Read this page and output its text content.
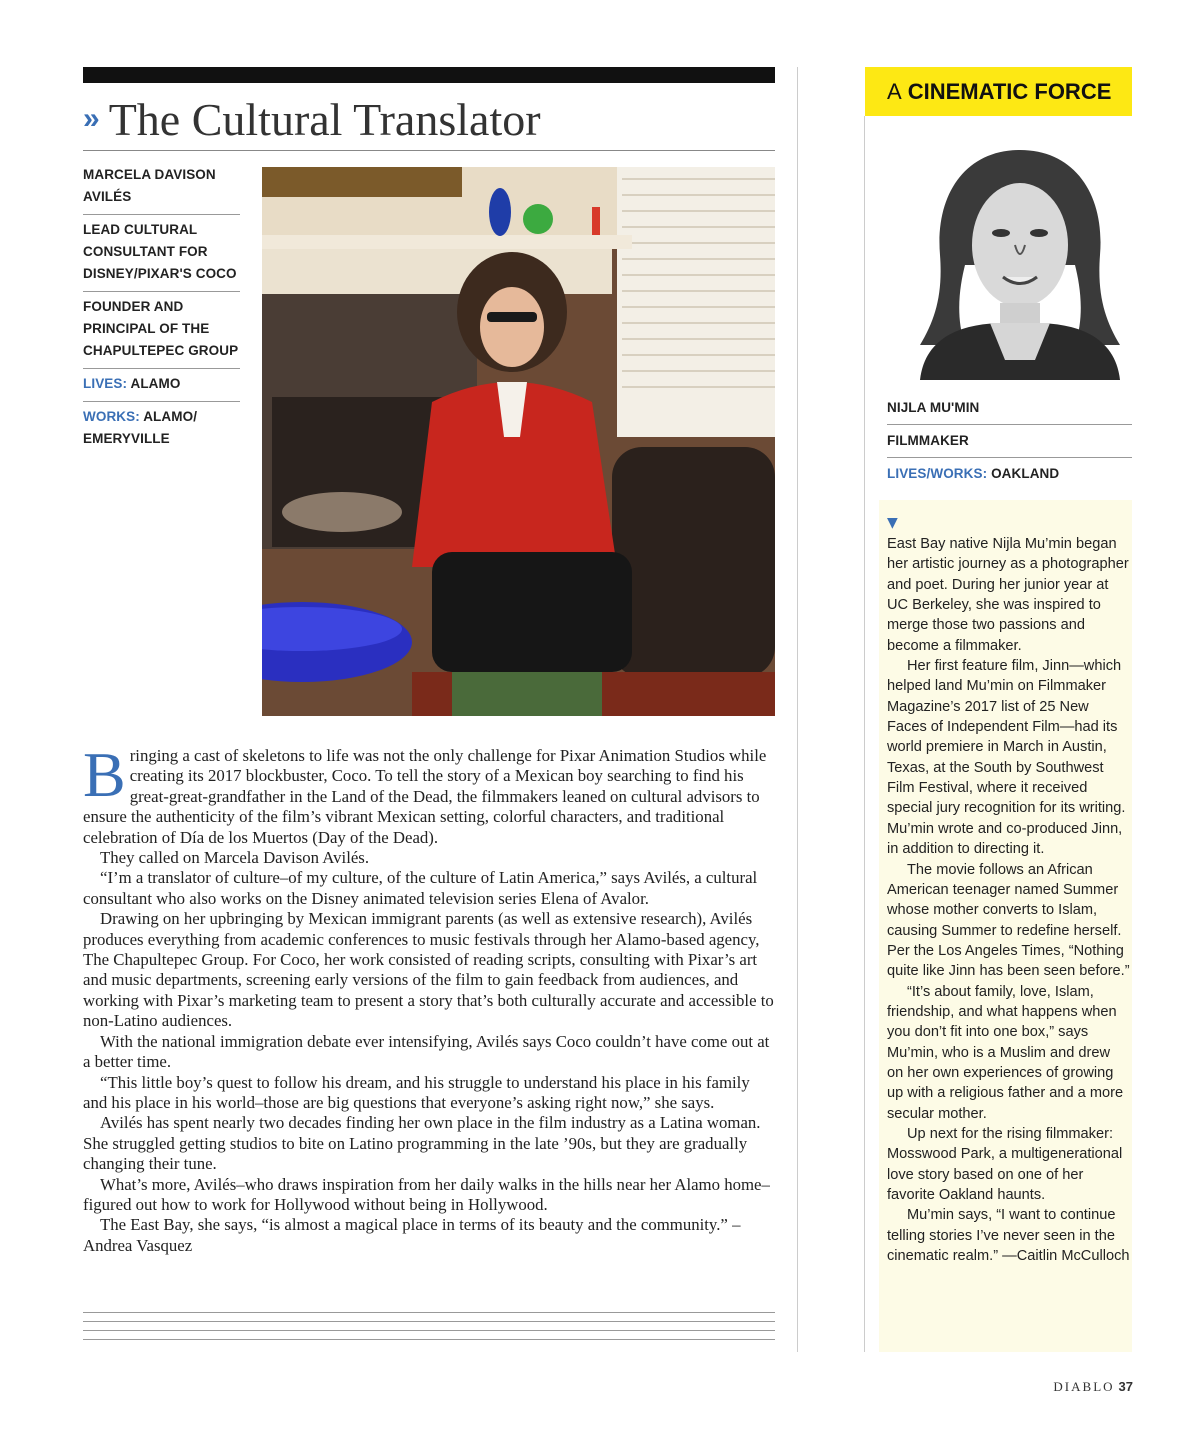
» The Cultural Translator
MARCELA DAVISON AVILÉS
LEAD CULTURAL CONSULTANT FOR DISNEY/PIXAR'S COCO
FOUNDER AND PRINCIPAL OF THE CHAPULTEPEC GROUP
LIVES: ALAMO
WORKS: ALAMO/ EMERYVILLE

Bringing a cast of skeletons to life was not the only challenge for Pixar Animation Studios while creating its 2017 blockbuster, Coco. To tell the story of a Mexican boy searching to find his great-great-grandfather in the Land of the Dead, the filmmakers leaned on cultural advisors to ensure the authenticity of the film’s vibrant Mexican setting, colorful characters, and traditional celebration of Día de los Muertos (Day of the Dead).

They called on Marcela Davison Avilés.

“I’m a translator of culture–of my culture, of the culture of Latin America,” says Avilés, a cultural consultant who also works on the Disney animated television series Elena of Avalor.

Drawing on her upbringing by Mexican immigrant parents (as well as extensive research), Avilés produces everything from academic conferences to music festivals through her Alamo-based agency, The Chapultepec Group. For Coco, her work consisted of reading scripts, consulting with Pixar’s art and music departments, screening early versions of the film to gain feedback from audiences, and working with Pixar’s marketing team to present a story that’s both culturally accurate and accessible to non-Latino audiences.

With the national immigration debate ever intensifying, Avilés says Coco couldn’t have come out at a better time.

“This little boy’s quest to follow his dream, and his struggle to understand his place in his family and his place in his world–those are big questions that everyone’s asking right now,” she says.

Avilés has spent nearly two decades finding her own place in the film industry as a Latina woman. She struggled getting studios to bite on Latino programming in the late ’90s, but they are gradually changing their tune.

What’s more, Avilés–who draws inspiration from her daily walks in the hills near her Alamo home–figured out how to work for Hollywood without being in Hollywood.

The East Bay, she says, “is almost a magical place in terms of its beauty and the community.” –Andrea Vasquez

A CINEMATIC FORCE
NIJLA MU'MIN
FILMMAKER
LIVES/WORKS: OAKLAND
▼

East Bay native Nijla Mu’min began her artistic journey as a photographer and poet. During her junior year at UC Berkeley, she was inspired to merge those two passions and become a filmmaker.

Her first feature film, Jinn—which helped land Mu’min on Filmmaker Magazine’s 2017 list of 25 New Faces of Independent Film—had its world premiere in March in Austin, Texas, at the South by Southwest Film Festival, where it received special jury recognition for its writing. Mu’min wrote and co-produced Jinn, in addition to directing it.

The movie follows an African American teenager named Summer whose mother converts to Islam, causing Summer to redefine herself. Per the Los Angeles Times, “Nothing quite like Jinn has been seen before.”

“It’s about family, love, Islam, friendship, and what happens when you don’t fit into one box,” says Mu’min, who is a Muslim and drew on her own experiences of growing up with a religious father and a more secular mother.

Up next for the rising filmmaker: Mosswood Park, a multigenerational love story based on one of her favorite Oakland haunts.

Mu’min says, “I want to continue telling stories I’ve never seen in the cinematic realm.” —Caitlin McCulloch

DIABLO 37
